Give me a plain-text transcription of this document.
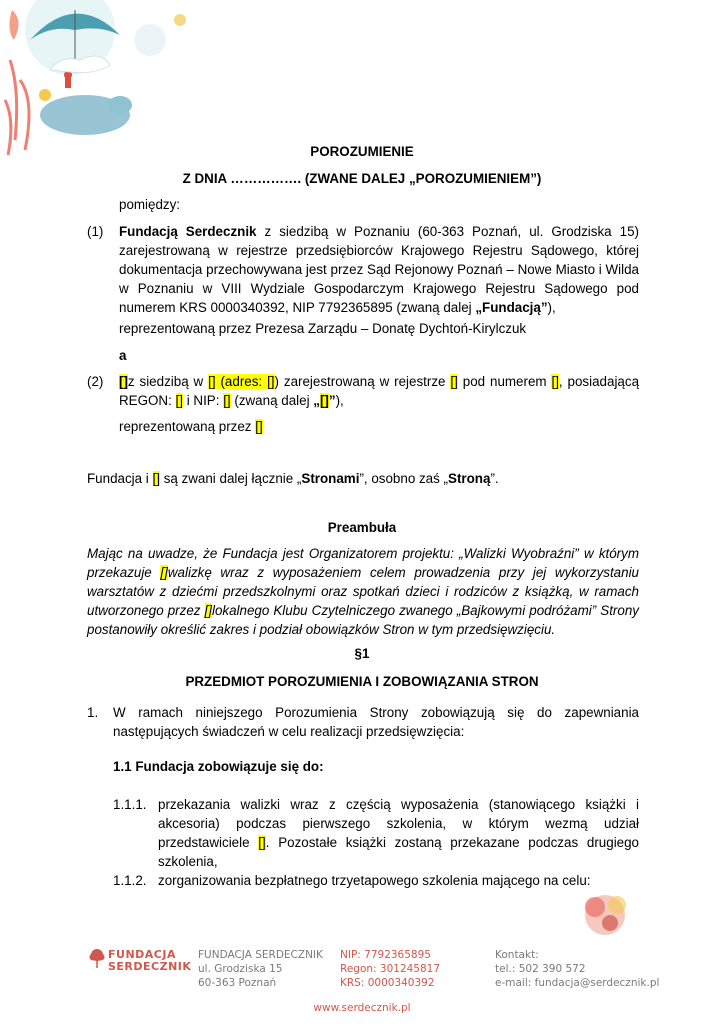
POROZUMIENIE
Z DNIA ……………. (ZWANE DALEJ „POROZUMIENIEM”)
pomiędzy:
(1) Fundacją Serdecznik z siedzibą w Poznaniu (60-363 Poznań, ul. Grodziska 15) zarejestrowaną w rejestrze przedsiębiorców Krajowego Rejestru Sądowego, której dokumentacja przechowywana jest przez Sąd Rejonowy Poznań – Nowe Miasto i Wilda w Poznaniu w VIII Wydziale Gospodarczym Krajowego Rejestru Sądowego pod numerem KRS 0000340392, NIP 7792365895 (zwaną dalej „Fundacją”),
reprezentowaną przez Prezesa Zarządu – Donatę Dychtoń-Kirylczuk
a
(2) []z siedzibą w [] (adres: []) zarejestrowaną w rejestrze [] pod numerem [], posiadającą REGON: [] i NIP: [] (zwaną dalej „[]”),
reprezentowaną przez []
Fundacja i [] są zwani dalej łącznie „Stronami”, osobno zaś „Stroną”.
Preambuła
Mając na uwadze, że Fundacja jest Organizatorem projektu: „Walizki Wyobraźni” w którym przekazuje []walizkę wraz z wyposażeniem celem prowadzenia przy jej wykorzystaniu warsztatów z dziećmi przedszkolnymi oraz spotkań dzieci i rodziców z książką, w ramach utworzonego przez []lokalnego Klubu Czytelniczego zwanego „Bajkowymi podróżami” Strony postanowiły określić zakres i podział obowiązków Stron w tym przedsięwzięciu.
§1
PRZEDMIOT POROZUMIENIA I ZOBOWIĄZANIA STRON
1. W ramach niniejszego Porozumienia Strony zobowiązują się do zapewniania następujących świadczeń w celu realizacji przedsięwzięcia:
1.1 Fundacja zobowiązuje się do:
1.1.1. przekazania walizki wraz z częścią wyposażenia (stanowiącego książki i akcesoria) podczas pierwszego szkolenia, w którym wezmą udział przedstawiciele []. Pozostałe książki zostaną przekazane podczas drugiego szkolenia,
1.1.2. zorganizowania bezpłatnego trzyetapowego szkolenia mającego na celu:
FUNDACJA
SERDECZNIK
FUNDACJA SERDECZNIK
ul. Grodziska 15
60-363 Poznań
NIP: 7792365895
Regon: 301245817
KRS: 0000340392
Kontakt:
tel.: 502 390 572
e-mail: fundacja@serdecznik.pl
www.serdecznik.pl
